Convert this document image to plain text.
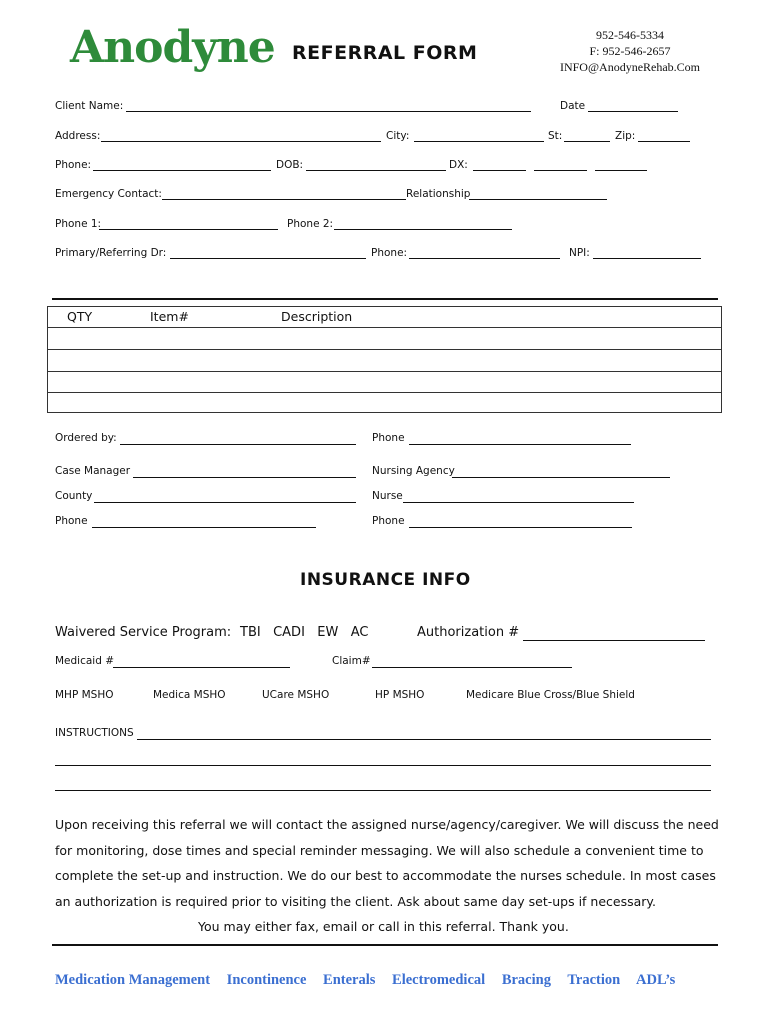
Anodyne REFERRAL FORM
952-546-5334
F: 952-546-2657
INFO@AnodyneRehab.Com
Client Name:	Date
Address:	City:	St:	Zip:
Phone:	DOB:	DX:
Emergency Contact:	Relationship
Phone 1:	Phone 2:
Primary/Referring Dr:	Phone:	NPI:
QTY	Item#	Description

Ordered by:	Phone
Case Manager	Nursing Agency
County	Nurse
Phone	Phone
INSURANCE INFO
Waivered Service Program: TBI   CADI   EW   AC	Authorization #
Medicaid #	Claim#
MHP MSHO	Medica MSHO	UCare MSHO	HP MSHO	Medicare Blue Cross/Blue Shield
INSTRUCTIONS
Upon receiving this referral we will contact the assigned nurse/agency/caregiver. We will discuss the need
for monitoring, dose times and special reminder messaging. We will also schedule a convenient time to
complete the set-up and instruction. We do our best to accommodate the nurses schedule. In most cases
an authorization is required prior to visiting the client. Ask about same day set-ups if necessary.
You may either fax, email or call in this referral. Thank you.
Medication Management Incontinence Enterals Electromedical Bracing Traction ADL’s
